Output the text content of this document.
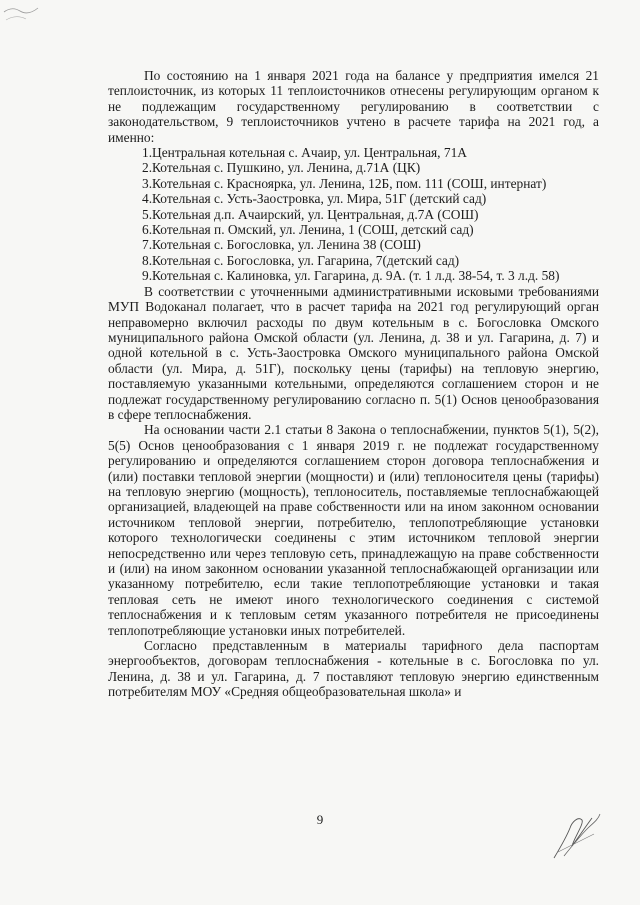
По состоянию на 1 января 2021 года на балансе у предприятия имелся 21 теплоисточник, из которых 11 теплоисточников отнесены регулирующим органом к не подлежащим государственному регулированию в соответствии с законодательством, 9 теплоисточников учтено в расчете тарифа на 2021 год, а именно:

1.Центральная котельная с. Ачаир, ул. Центральная, 71А
2.Котельная с. Пушкино, ул. Ленина, д.71А (ЦК)
3.Котельная с. Красноярка, ул. Ленина, 12Б, пом. 111 (СОШ, интернат)
4.Котельная с. Усть-Заостровка, ул. Мира, 51Г (детский сад)
5.Котельная д.п. Ачаирский, ул. Центральная, д.7А (СОШ)
6.Котельная п. Омский, ул. Ленина, 1 (СОШ, детский сад)
7.Котельная с. Богословка, ул. Ленина 38 (СОШ)
8.Котельная с. Богословка, ул. Гагарина, 7(детский сад)
9.Котельная с. Калиновка, ул. Гагарина, д. 9А. (т. 1 л.д. 38-54, т. 3 л.д. 58)

В соответствии с уточненными административными исковыми требованиями МУП Водоканал полагает, что в расчет тарифа на 2021 год регулирующий орган неправомерно включил расходы по двум котельным в с. Богословка Омского муниципального района Омской области (ул. Ленина, д. 38 и ул. Гагарина, д. 7) и одной котельной в с. Усть-Заостровка Омского муниципального района Омской области (ул. Мира, д. 51Г), поскольку цены (тарифы) на тепловую энергию, поставляемую указанными котельными, определяются соглашением сторон и не подлежат государственному регулированию согласно п. 5(1) Основ ценообразования в сфере теплоснабжения.

На основании части 2.1 статьи 8 Закона о теплоснабжении, пунктов 5(1), 5(2), 5(5) Основ ценообразования с 1 января 2019 г. не подлежат государственному регулированию и определяются соглашением сторон договора теплоснабжения и (или) поставки тепловой энергии (мощности) и (или) теплоносителя цены (тарифы) на тепловую энергию (мощность), теплоноситель, поставляемые теплоснабжающей организацией, владеющей на праве собственности или на ином законном основании источником тепловой энергии, потребителю, теплопотребляющие установки которого технологически соединены с этим источником тепловой энергии непосредственно или через тепловую сеть, принадлежащую на праве собственности и (или) на ином законном основании указанной теплоснабжающей организации или указанному потребителю, если такие теплопотребляющие установки и такая тепловая сеть не имеют иного технологического соединения с системой теплоснабжения и к тепловым сетям указанного потребителя не присоединены теплопотребляющие установки иных потребителей.

Согласно представленным в материалы тарифного дела паспортам энергообъектов, договорам теплоснабжения - котельные в с. Богословка по ул. Ленина, д. 38 и ул. Гагарина, д. 7 поставляют тепловую энергию единственным потребителям МОУ «Средняя общеобразовательная школа» и

9
